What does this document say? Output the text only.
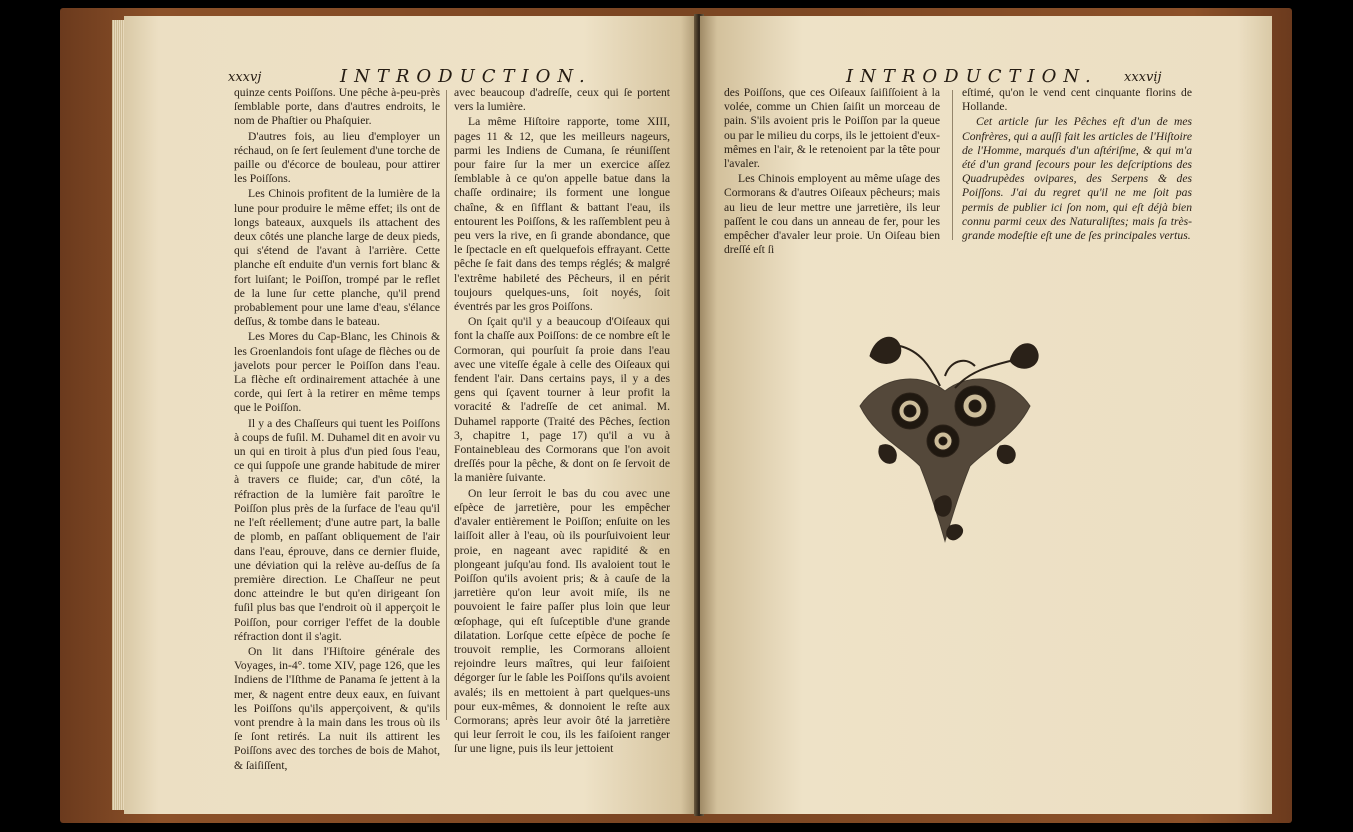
xxxvj	INTRODUCTION.

quinze cents Poiſſons. Une pêche à-peu-près ſemblable porte, dans d'autres endroits, le nom de Phaſtier ou Phaſquier.

D'autres fois, au lieu d'employer un réchaud, on ſe ſert ſeulement d'une torche de paille ou d'écorce de bouleau, pour attirer les Poiſſons.

Les Chinois profitent de la lumière de la lune pour produire le même effet; ils ont de longs bateaux, auxquels ils attachent des deux côtés une planche large de deux pieds, qui s'étend de l'avant à l'arrière. Cette planche eſt enduite d'un vernis fort blanc & fort luiſant; le Poiſſon, trompé par le reflet de la lune ſur cette planche, qu'il prend probablement pour une lame d'eau, s'élance deſſus, & tombe dans le bateau.

Les Mores du Cap-Blanc, les Chinois & les Groenlandois font uſage de flèches ou de javelots pour percer le Poiſſon dans l'eau. La flèche eſt ordinairement attachée à une corde, qui ſert à la retirer en même temps que le Poiſſon.

Il y a des Chaſſeurs qui tuent les Poiſſons à coups de fuſil. M. Duhamel dit en avoir vu un qui en tiroit à plus d'un pied ſous l'eau, ce qui ſuppoſe une grande habitude de mirer à travers ce fluide; car, d'un côté, la réfraction de la lumière fait paroître le Poiſſon plus près de la ſurface de l'eau qu'il ne l'eſt réellement; d'une autre part, la balle de plomb, en paſſant obliquement de l'air dans l'eau, éprouve, dans ce dernier fluide, une déviation qui la relève au-deſſus de ſa première direction. Le Chaſſeur ne peut donc atteindre le but qu'en dirigeant ſon fuſil plus bas que l'endroit où il apperçoit le Poiſſon, pour corriger l'effet de la double réfraction dont il s'agit.

On lit dans l'Hiſtoire générale des Voyages, in-4°. tome XIV, page 126, que les Indiens de l'Iſthme de Panama ſe jettent à la mer, & nagent entre deux eaux, en ſuivant les Poiſſons qu'ils apperçoivent, & qu'ils vont prendre à la main dans les trous où ils ſe ſont retirés. La nuit ils attirent les Poiſſons avec des torches de bois de Mahot, & ſaiſiſſent,

avec beaucoup d'adreſſe, ceux qui ſe portent vers la lumière.

La même Hiſtoire rapporte, tome XIII, pages 11 & 12, que les meilleurs nageurs, parmi les Indiens de Cumana, ſe réuniſſent pour faire ſur la mer un exercice aſſez ſemblable à ce qu'on appelle batue dans la chaſſe ordinaire; ils forment une longue chaîne, & en ſifflant & battant l'eau, ils entourent les Poiſſons, & les raſſemblent peu à peu vers la rive, en ſi grande abondance, que le ſpectacle en eſt quelquefois effrayant. Cette pêche ſe fait dans des temps réglés; & malgré l'extrême habileté des Pêcheurs, il en périt toujours quelques-uns, ſoit noyés, ſoit éventrés par les gros Poiſſons.

On ſçait qu'il y a beaucoup d'Oiſeaux qui font la chaſſe aux Poiſſons: de ce nombre eſt le Cormoran, qui pourſuit ſa proie dans l'eau avec une viteſſe égale à celle des Oiſeaux qui fendent l'air. Dans certains pays, il y a des gens qui ſçavent tourner à leur profit la voracité & l'adreſſe de cet animal. M. Duhamel rapporte (Traité des Pêches, ſection 3, chapitre 1, page 17) qu'il a vu à Fontainebleau des Cormorans que l'on avoit dreſſés pour la pêche, & dont on ſe ſervoit de la manière ſuivante.

On leur ſerroit le bas du cou avec une eſpèce de jarretière, pour les empêcher d'avaler entièrement le Poiſſon; enſuite on les laiſſoit aller à l'eau, où ils pourſuivoient leur proie, en nageant avec rapidité & en plongeant juſqu'au fond. Ils avaloient tout le Poiſſon qu'ils avoient pris; & à cauſe de la jarretière qu'on leur avoit miſe, ils ne pouvoient le faire paſſer plus loin que leur œſophage, qui eſt ſuſceptible d'une grande dilatation. Lorſque cette eſpèce de poche ſe trouvoit remplie, les Cormorans alloient rejoindre leurs maîtres, qui leur faiſoient dégorger ſur le ſable les Poiſſons qu'ils avoient avalés; ils en mettoient à part quelques-uns pour eux-mêmes, & donnoient le reſte aux Cormorans; après leur avoir ôté la jarretière qui leur ſerroit le cou, ils les faiſoient ranger ſur une ligne, puis ils leur jettoient

INTRODUCTION. xxxvij

des Poiſſons, que ces Oiſeaux ſaiſiſſoient à la volée, comme un Chien ſaiſit un morceau de pain. S'ils avoient pris le Poiſſon par la queue ou par le milieu du corps, ils le jettoient d'eux-mêmes en l'air, & le retenoient par la tête pour l'avaler.

Les Chinois employent au même uſage des Cormorans & d'autres Oiſeaux pêcheurs; mais au lieu de leur mettre une jarretière, ils leur paſſent le cou dans un anneau de fer, pour les empêcher d'avaler leur proie. Un Oiſeau bien dreſſé eſt ſi

eſtimé, qu'on le vend cent cinquante florins de Hollande.

Cet article ſur les Pêches eſt d'un de mes Confrères, qui a auſſi fait les articles de l'Hiſtoire de l'Homme, marqués d'un aſtériſme, & qui m'a été d'un grand ſecours pour les deſcriptions des Quadrupèdes ovipares, des Serpens & des Poiſſons. J'ai du regret qu'il ne me ſoit pas permis de publier ici ſon nom, qui eſt déjà bien connu parmi ceux des Naturaliſtes; mais ſa très-grande modeſtie eſt une de ſes principales vertus.
